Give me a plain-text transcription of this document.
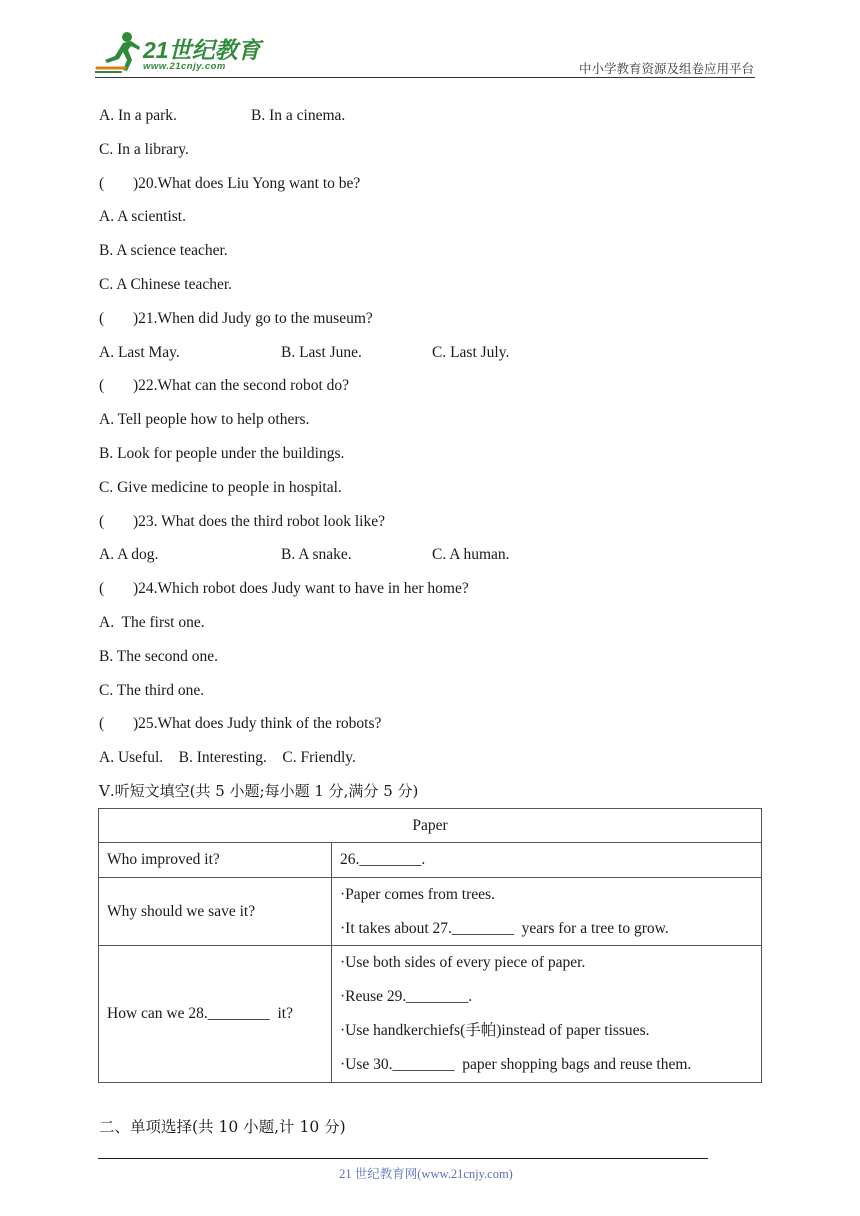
21世纪教育
www.21cnjy.com	中小学教育资源及组卷应用平台
A. In a park.	B. In a cinema.
C. In a library.
( )20.What does Liu Yong want to be?
A. A scientist.
B. A science teacher.
C. A Chinese teacher.
( )21.When did Judy go to the museum?
A. Last May.	B. Last June.	C. Last July.
( )22.What can the second robot do?
A. Tell people how to help others.
B. Look for people under the buildings.
C. Give medicine to people in hospital.
( )23. What does the third robot look like?
A. A dog.	B. A snake.	C. A human.
( )24.Which robot does Judy want to have in her home?
A.  The first one.
B. The second one.
C. The third one.
( )25.What does Judy think of the robots?
A. Useful.    B. Interesting.    C. Friendly.
Ⅴ.听短文填空(共 5 小题;每小题 1 分,满分 5 分)
Paper	
Who improved it?	26.________.

Why should we save it?	·Paper comes from trees.
·It takes about 27.________  years for a tree to grow.

How can we 28.________  it?	·Use both sides of every piece of paper.
·Reuse 29.________.
·Use handkerchiefs(手帕)instead of paper tissues.
·Use 30.________  paper shopping bags and reuse them.
二、单项选择(共 10 小题,计 10 分)
21 世纪教育网(www.21cnjy.com)
